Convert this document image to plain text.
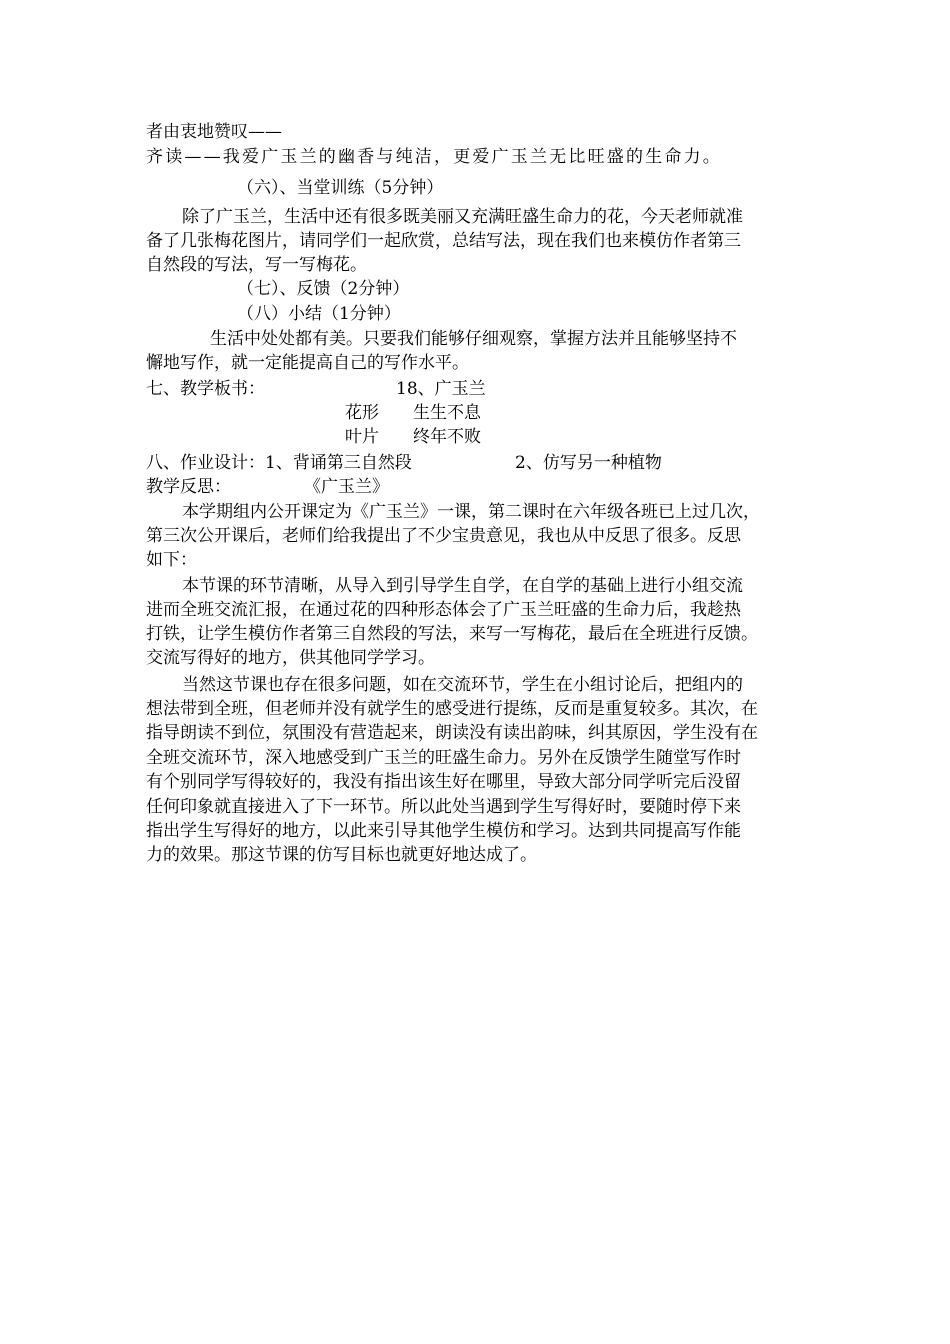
者由衷地赞叹——
齐读——我爱广玉兰的幽香与纯洁，更爱广玉兰无比旺盛的生命力。
（六）、当堂训练（5分钟）
除了广玉兰，生活中还有很多既美丽又充满旺盛生命力的花，今天老师就准
备了几张梅花图片，请同学们一起欣赏，总结写法，现在我们也来模仿作者第三
自然段的写法，写一写梅花。
（七）、反馈（2分钟）
（八）小结（1分钟）
生活中处处都有美。只要我们能够仔细观察，掌握方法并且能够坚持不
懈地写作，就一定能提高自己的写作水平。
七、教学板书：	18、广玉兰
花形 生生不息
叶片 终年不败
八、作业设计：1、背诵第三自然段	2、仿写另一种植物
教学反思：	《广玉兰》
本学期组内公开课定为《广玉兰》一课，第二课时在六年级各班已上过几次，
第三次公开课后，老师们给我提出了不少宝贵意见，我也从中反思了很多。反思
如下：
本节课的环节清晰，从导入到引导学生自学，在自学的基础上进行小组交流
进而全班交流汇报，在通过花的四种形态体会了广玉兰旺盛的生命力后，我趁热
打铁，让学生模仿作者第三自然段的写法，来写一写梅花，最后在全班进行反馈。
交流写得好的地方，供其他同学学习。
当然这节课也存在很多问题，如在交流环节，学生在小组讨论后，把组内的
想法带到全班，但老师并没有就学生的感受进行提练，反而是重复较多。其次，在
指导朗读不到位，氛围没有营造起来，朗读没有读出韵味，纠其原因，学生没有在
全班交流环节，深入地感受到广玉兰的旺盛生命力。另外在反馈学生随堂写作时
有个别同学写得较好的，我没有指出该生好在哪里，导致大部分同学听完后没留
任何印象就直接进入了下一环节。所以此处当遇到学生写得好时，要随时停下来
指出学生写得好的地方，以此来引导其他学生模仿和学习。达到共同提高写作能
力的效果。那这节课的仿写目标也就更好地达成了。
